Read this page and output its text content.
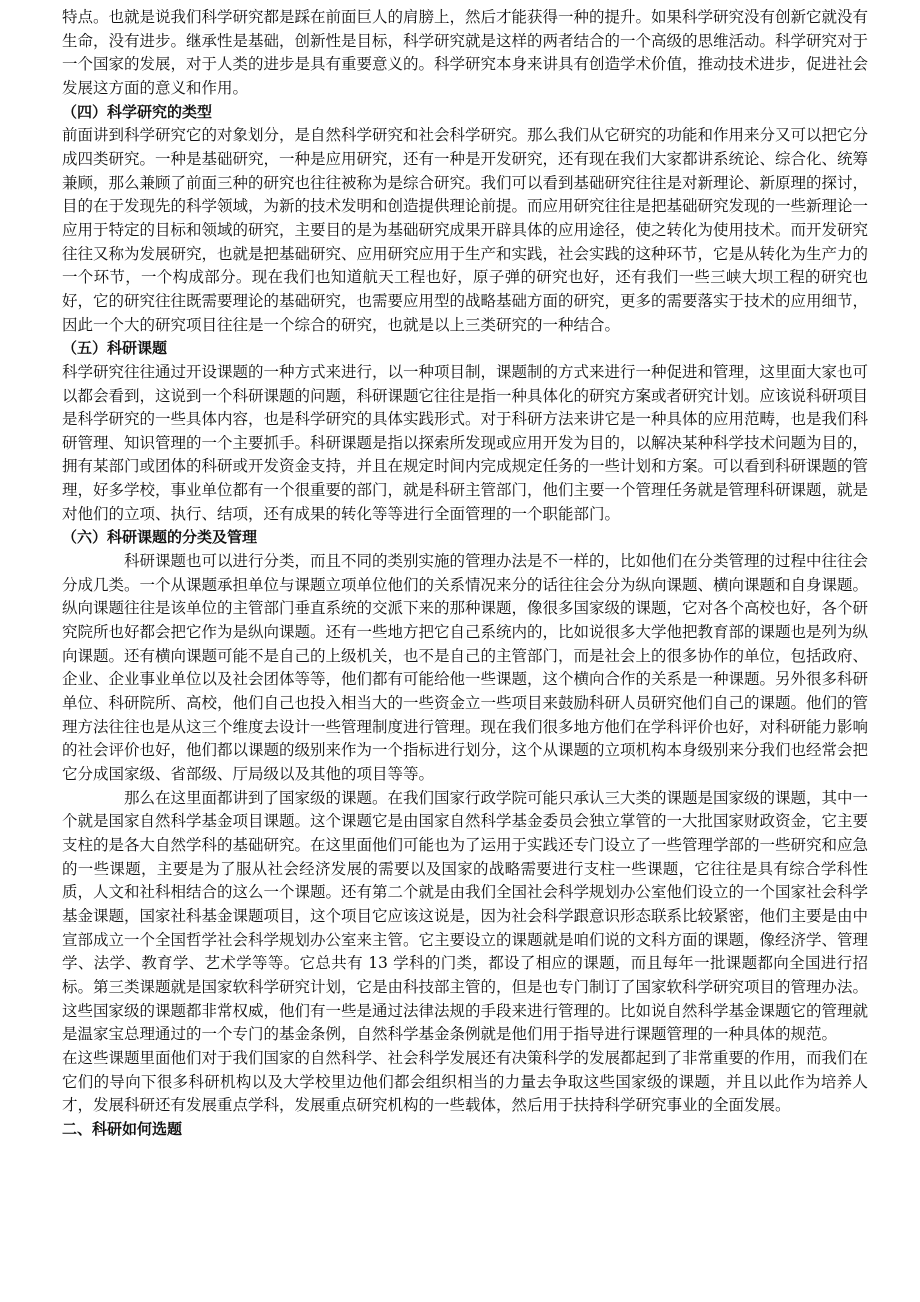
特点。也就是说我们科学研究都是踩在前面巨人的肩膀上，然后才能获得一种的提升。如果科学研究没有创新它就没有生命，没有进步。继承性是基础，创新性是目标，科学研究就是这样的两者结合的一个高级的思维活动。科学研究对于一个国家的发展，对于人类的进步是具有重要意义的。科学研究本身来讲具有创造学术价值，推动技术进步，促进社会发展这方面的意义和作用。

（四）科学研究的类型

前面讲到科学研究它的对象划分，是自然科学研究和社会科学研究。那么我们从它研究的功能和作用来分又可以把它分成四类研究。一种是基础研究，一种是应用研究，还有一种是开发研究，还有现在我们大家都讲系统论、综合化、统筹兼顾，那么兼顾了前面三种的研究也往往被称为是综合研究。我们可以看到基础研究往往是对新理论、新原理的探讨，目的在于发现先的科学领域，为新的技术发明和创造提供理论前提。而应用研究往往是把基础研究发现的一些新理论一应用于特定的目标和领域的研究，主要目的是为基础研究成果开辟具体的应用途径，使之转化为使用技术。而开发研究往往又称为发展研究，也就是把基础研究、应用研究应用于生产和实践，社会实践的这种环节，它是从转化为生产力的一个环节，一个构成部分。现在我们也知道航天工程也好，原子弹的研究也好，还有我们一些三峡大坝工程的研究也好，它的研究往往既需要理论的基础研究，也需要应用型的战略基础方面的研究，更多的需要落实于技术的应用细节，因此一个大的研究项目往往是一个综合的研究，也就是以上三类研究的一种结合。

（五）科研课题

科学研究往往通过开设课题的一种方式来进行，以一种项目制，课题制的方式来进行一种促进和管理，这里面大家也可以都会看到，这说到一个科研课题的问题，科研课题它往往是指一种具体化的研究方案或者研究计划。应该说科研项目是科学研究的一些具体内容，也是科学研究的具体实践形式。对于科研方法来讲它是一种具体的应用范畴，也是我们科研管理、知识管理的一个主要抓手。科研课题是指以探索所发现或应用开发为目的，以解决某种科学技术问题为目的，拥有某部门或团体的科研或开发资金支持，并且在规定时间内完成规定任务的一些计划和方案。可以看到科研课题的管理，好多学校，事业单位都有一个很重要的部门，就是科研主管部门，他们主要一个管理任务就是管理科研课题，就是对他们的立项、执行、结项，还有成果的转化等等进行全面管理的一个职能部门。

（六）科研课题的分类及管理

科研课题也可以进行分类，而且不同的类别实施的管理办法是不一样的，比如他们在分类管理的过程中往往会分成几类。一个从课题承担单位与课题立项单位他们的关系情况来分的话往往会分为纵向课题、横向课题和自身课题。纵向课题往往是该单位的主管部门垂直系统的交派下来的那种课题，像很多国家级的课题，它对各个高校也好，各个研究院所也好都会把它作为是纵向课题。还有一些地方把它自己系统内的，比如说很多大学他把教育部的课题也是列为纵向课题。还有横向课题可能不是自己的上级机关，也不是自己的主管部门，而是社会上的很多协作的单位，包括政府、企业、企业事业单位以及社会团体等等，他们都有可能给他一些课题，这个横向合作的关系是一种课题。另外很多科研单位、科研院所、高校，他们自己也投入相当大的一些资金立一些项目来鼓励科研人员研究他们自己的课题。他们的管理方法往往也是从这三个维度去设计一些管理制度进行管理。现在我们很多地方他们在学科评价也好，对科研能力影响的社会评价也好，他们都以课题的级别来作为一个指标进行划分，这个从课题的立项机构本身级别来分我们也经常会把它分成国家级、省部级、厅局级以及其他的项目等等。

那么在这里面都讲到了国家级的课题。在我们国家行政学院可能只承认三大类的课题是国家级的课题，其中一个就是国家自然科学基金项目课题。这个课题它是由国家自然科学基金委员会独立掌管的一大批国家财政资金，它主要支柱的是各大自然学科的基础研究。在这里面他们可能也为了运用于实践还专门设立了一些管理学部的一些研究和应急的一些课题，主要是为了服从社会经济发展的需要以及国家的战略需要进行支柱一些课题，它往往是具有综合学科性质，人文和社科相结合的这么一个课题。还有第二个就是由我们全国社会科学规划办公室他们设立的一个国家社会科学基金课题，国家社科基金课题项目，这个项目它应该这说是，因为社会科学跟意识形态联系比较紧密，他们主要是由中宣部成立一个全国哲学社会科学规划办公室来主管。它主要设立的课题就是咱们说的文科方面的课题，像经济学、管理学、法学、教育学、艺术学等等。它总共有 13 学科的门类，都设了相应的课题，而且每年一批课题都向全国进行招标。第三类课题就是国家软科学研究计划，它是由科技部主管的，但是也专门制订了国家软科学研究项目的管理办法。这些国家级的课题都非常权威，他们有一些是通过法律法规的手段来进行管理的。比如说自然科学基金课题它的管理就是温家宝总理通过的一个专门的基金条例，自然科学基金条例就是他们用于指导进行课题管理的一种具体的规范。

在这些课题里面他们对于我们国家的自然科学、社会科学发展还有决策科学的发展都起到了非常重要的作用，而我们在它们的导向下很多科研机构以及大学校里边他们都会组织相当的力量去争取这些国家级的课题，并且以此作为培养人才，发展科研还有发展重点学科，发展重点研究机构的一些载体，然后用于扶持科学研究事业的全面发展。

二、科研如何选题
